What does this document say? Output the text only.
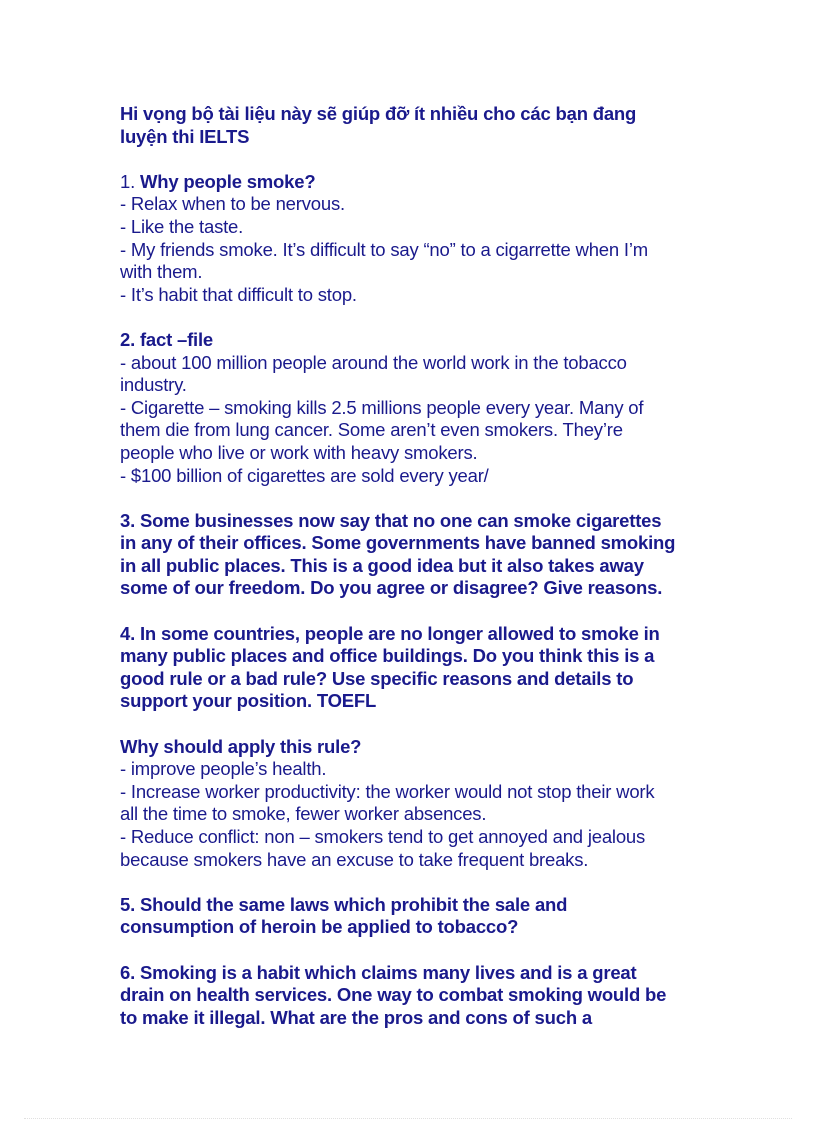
Hi vọng bộ tài liệu này sẽ giúp đỡ ít nhiều cho các bạn đang
luyện thi IELTS
1. Why people smoke?
- Relax when to be nervous.
- Like the taste.
- My friends smoke. It’s difficult to say “no” to a cigarrette when I’m
with them.
- It’s habit that difficult to stop.
2. fact –file
- about 100 million people around the world work in the tobacco
industry.
- Cigarette – smoking kills 2.5 millions people every year. Many of
them die from lung cancer. Some aren’t even smokers. They’re
people who live or work with heavy smokers.
- $100 billion of cigarettes are sold every year/
3. Some businesses now say that no one can smoke cigarettes
in any of their offices. Some governments have banned smoking
in all public places. This is a good idea but it also takes away
some of our freedom. Do you agree or disagree? Give reasons.
4. In some countries, people are no longer allowed to smoke in
many public places and office buildings. Do you think this is a
good rule or a bad rule? Use specific reasons and details to
support your position. TOEFL
Why should apply this rule?
- improve people’s health.
- Increase worker productivity: the worker would not stop their work
all the time to smoke, fewer worker absences.
- Reduce conflict: non – smokers tend to get annoyed and jealous
because smokers have an excuse to take frequent breaks.
5. Should the same laws which prohibit the sale and
consumption of heroin be applied to tobacco?
6. Smoking is a habit which claims many lives and is a great
drain on health services. One way to combat smoking would be
to make it illegal. What are the pros and cons of such a
